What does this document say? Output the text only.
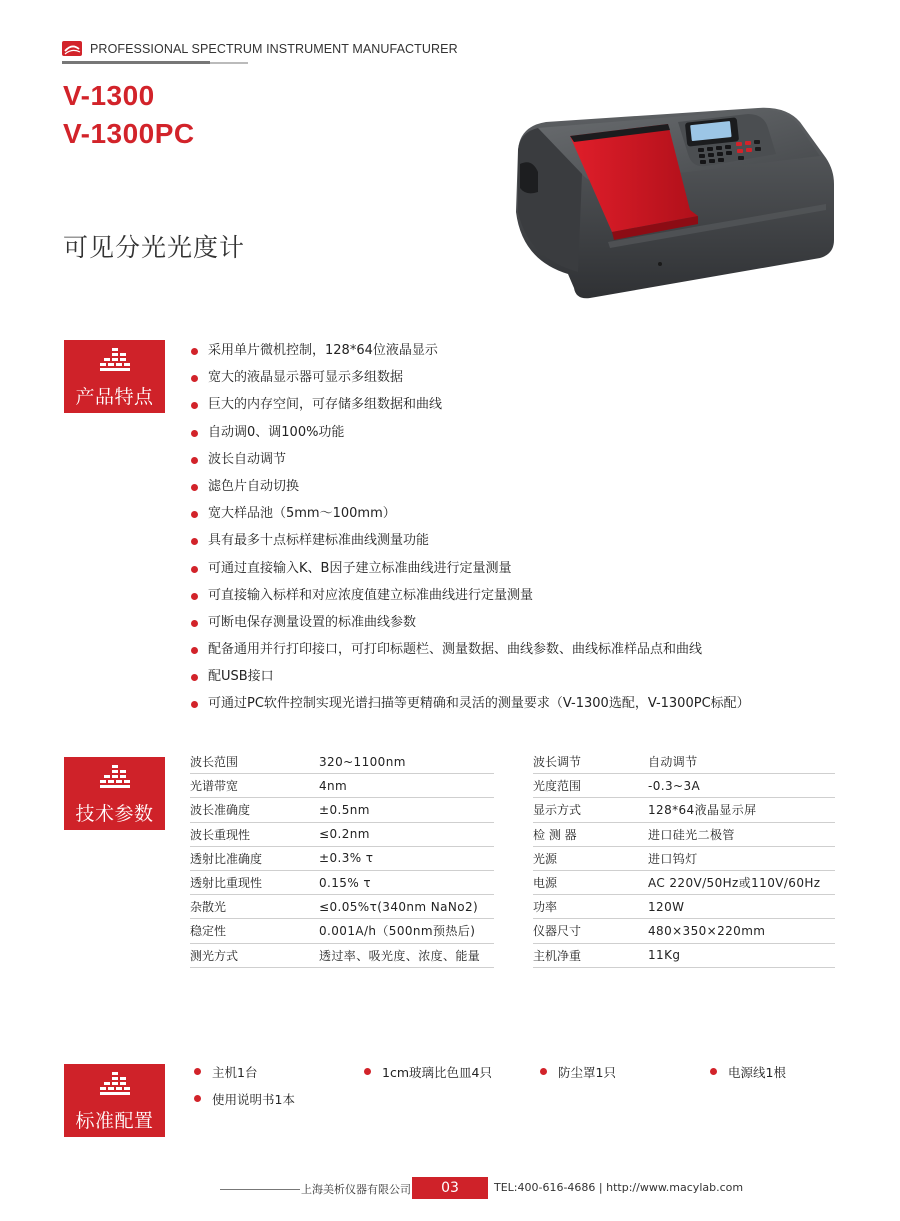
PROFESSIONAL SPECTRUM INSTRUMENT MANUFACTURER
V-1300
V-1300PC
可见分光光度计
产品特点
采用单片微机控制，128*64位液晶显示
宽大的液晶显示器可显示多组数据
巨大的内存空间，可存储多组数据和曲线
自动调0、调100%功能
波长自动调节
滤色片自动切换
宽大样品池（5mm～100mm）
具有最多十点标样建标准曲线测量功能
可通过直接输入K、B因子建立标准曲线进行定量测量
可直接输入标样和对应浓度值建立标准曲线进行定量测量
可断电保存测量设置的标准曲线参数
配备通用并行打印接口，可打印标题栏、测量数据、曲线参数、曲线标准样品点和曲线
配USB接口
可通过PC软件控制实现光谱扫描等更精确和灵活的测量要求（V-1300选配，V-1300PC标配）
技术参数
波长范围	320~1100nm
光谱带宽	4nm
波长准确度	±0.5nm
波长重现性	≤0.2nm
透射比准确度	±0.3% τ
透射比重现性	0.15% τ
杂散光	≤0.05%τ(340nm NaNo2)
稳定性	0.001A/h（500nm预热后)
测光方式	透过率、吸光度、浓度、能量
波长调节	自动调节
光度范围	-0.3~3A
显示方式	128*64液晶显示屏
检 测 器	进口硅光二极管
光源	进口钨灯
电源	AC 220V/50Hz或110V/60Hz
功率	120W
仪器尺寸	480×350×220mm
主机净重	11Kg
标准配置
主机1台	1cm玻璃比色皿4只	防尘罩1只	电源线1根
使用说明书1本
上海美析仪器有限公司	03	TEL:400-616-4686 | http://www.macylab.com
